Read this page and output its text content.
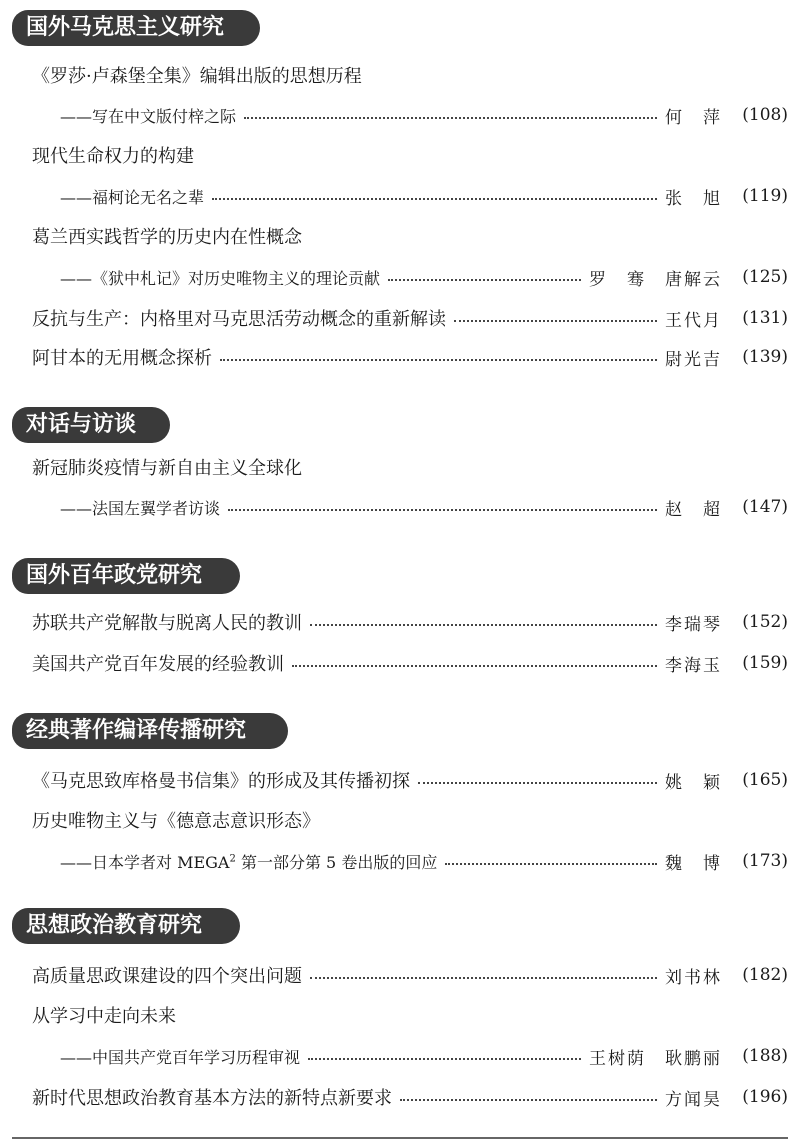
国外马克思主义研究
《罗莎·卢森堡全集》编辑出版的思想历程
——写在中文版付梓之际	何　萍	(108)
现代生命权力的构建
——福柯论无名之辈	张　旭	(119)
葛兰西实践哲学的历史内在性概念
——《狱中札记》对历史唯物主义的理论贡献	罗　骞　唐解云	(125)
反抗与生产：内格里对马克思活劳动概念的重新解读	王代月	(131)
阿甘本的无用概念探析	尉光吉	(139)
对话与访谈
新冠肺炎疫情与新自由主义全球化
——法国左翼学者访谈	赵　超	(147)
国外百年政党研究
苏联共产党解散与脱离人民的教训	李瑞琴	(152)
美国共产党百年发展的经验教训	李海玉	(159)
经典著作编译传播研究
《马克思致库格曼书信集》的形成及其传播初探	姚　颖	(165)
历史唯物主义与《德意志意识形态》
——日本学者对 MEGA$^2$ 第一部分第 5 卷出版的回应	魏　博	(173)
思想政治教育研究
高质量思政课建设的四个突出问题	刘书林	(182)
从学习中走向未来
——中国共产党百年学习历程审视	王树荫　耿鹏丽	(188)
新时代思想政治教育基本方法的新特点新要求	方闻昊	(196)
